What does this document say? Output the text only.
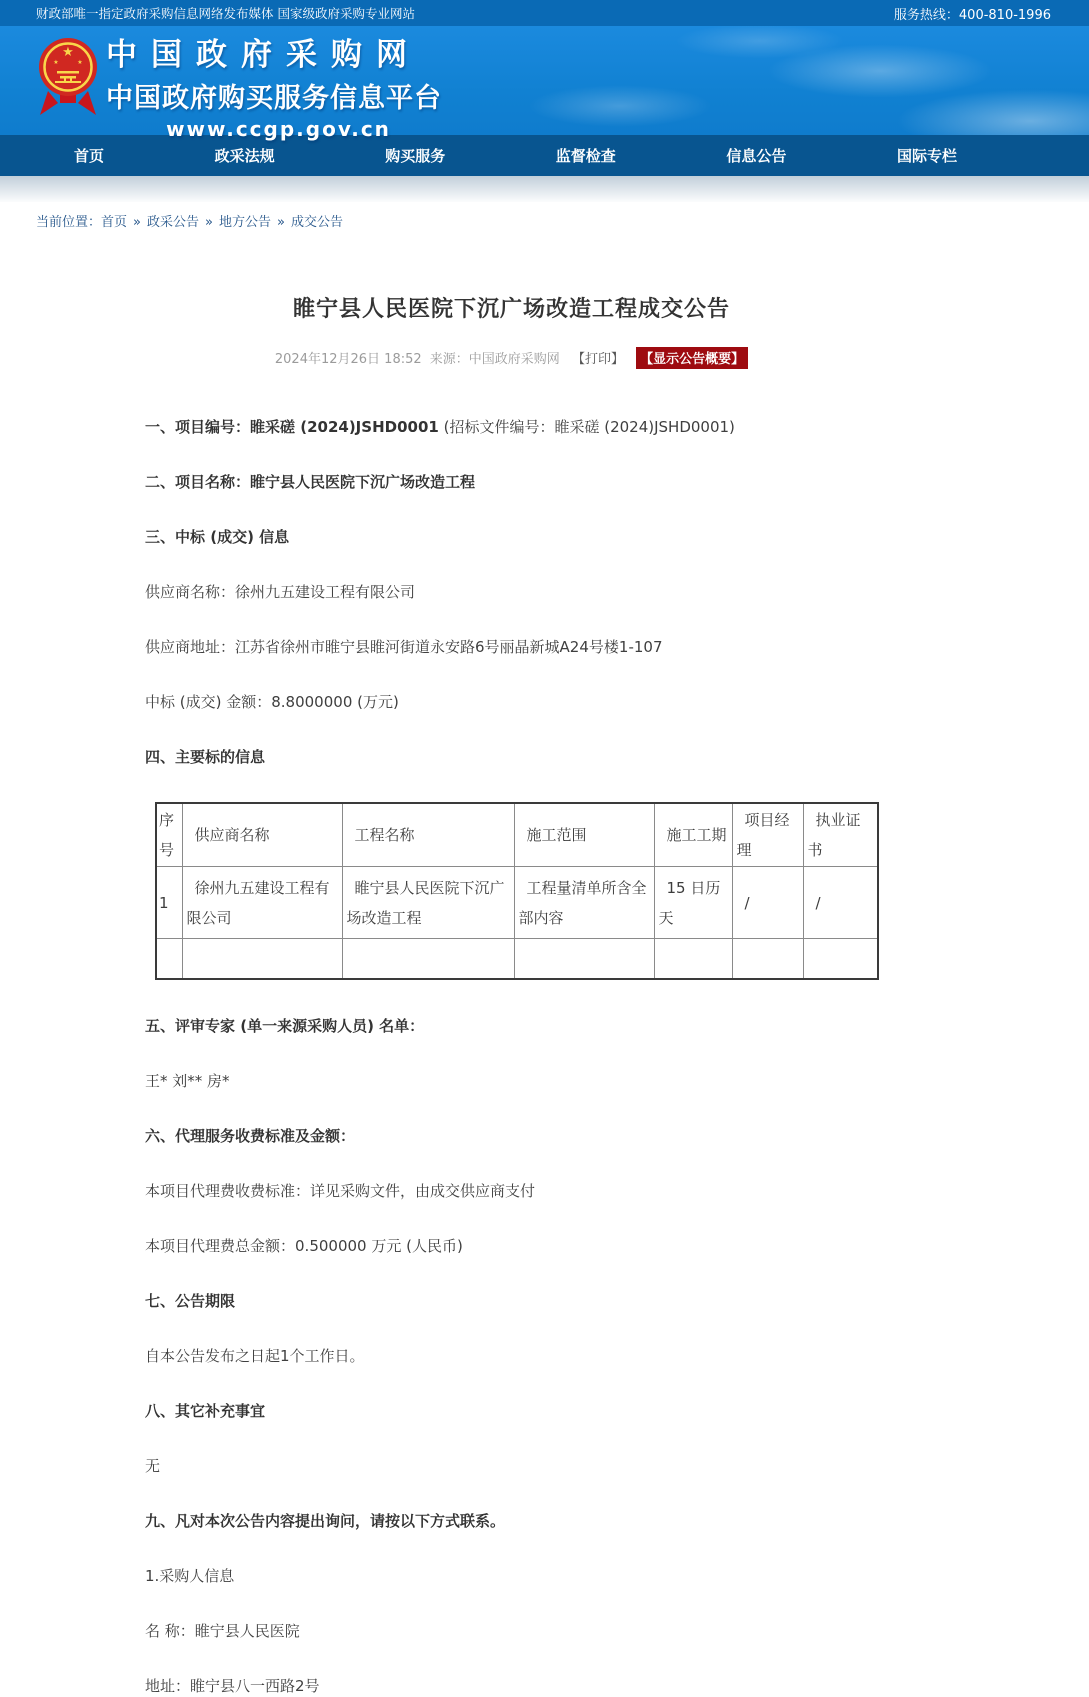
财政部唯一指定政府采购信息网络发布媒体 国家级政府采购专业网站	服务热线：400-810-1996
★
★	★ 中国政府采购网
中国政府购买服务信息平台
www.ccgp.gov.cn
首页	政采法规	购买服务	监督检查	信息公告	国际专栏
当前位置：首页 » 政采公告 » 地方公告 » 成交公告
睢宁县人民医院下沉广场改造工程成交公告
2024年12月26日 18:52 来源：中国政府采购网 【打印】 【显示公告概要】

一、项目编号：睢采磋 (2024)JSHD0001 (招标文件编号：睢采磋 (2024)JSHD0001)

二、项目名称：睢宁县人民医院下沉广场改造工程

三、中标 (成交) 信息

供应商名称：徐州九五建设工程有限公司

供应商地址：江苏省徐州市睢宁县睢河街道永安路6号丽晶新城A24号楼1-107

中标 (成交) 金额：8.8000000 (万元)

四、主要标的信息

序号	供应商名称	工程名称	施工范围	施工工期	项目经理	执业证书
1	徐州九五建设工程有限公司	睢宁县人民医院下沉广场改造工程	工程量清单所含全部内容	15 日历天	/	/

五、评审专家 (单一来源采购人员) 名单：

王* 刘** 房*

六、代理服务收费标准及金额：

本项目代理费收费标准：详见采购文件，由成交供应商支付

本项目代理费总金额：0.500000 万元 (人民币)

七、公告期限

自本公告发布之日起1个工作日。

八、其它补充事宜

无

九、凡对本次公告内容提出询问，请按以下方式联系。

1.采购人信息

名 称：睢宁县人民医院

地址：睢宁县八一西路2号
